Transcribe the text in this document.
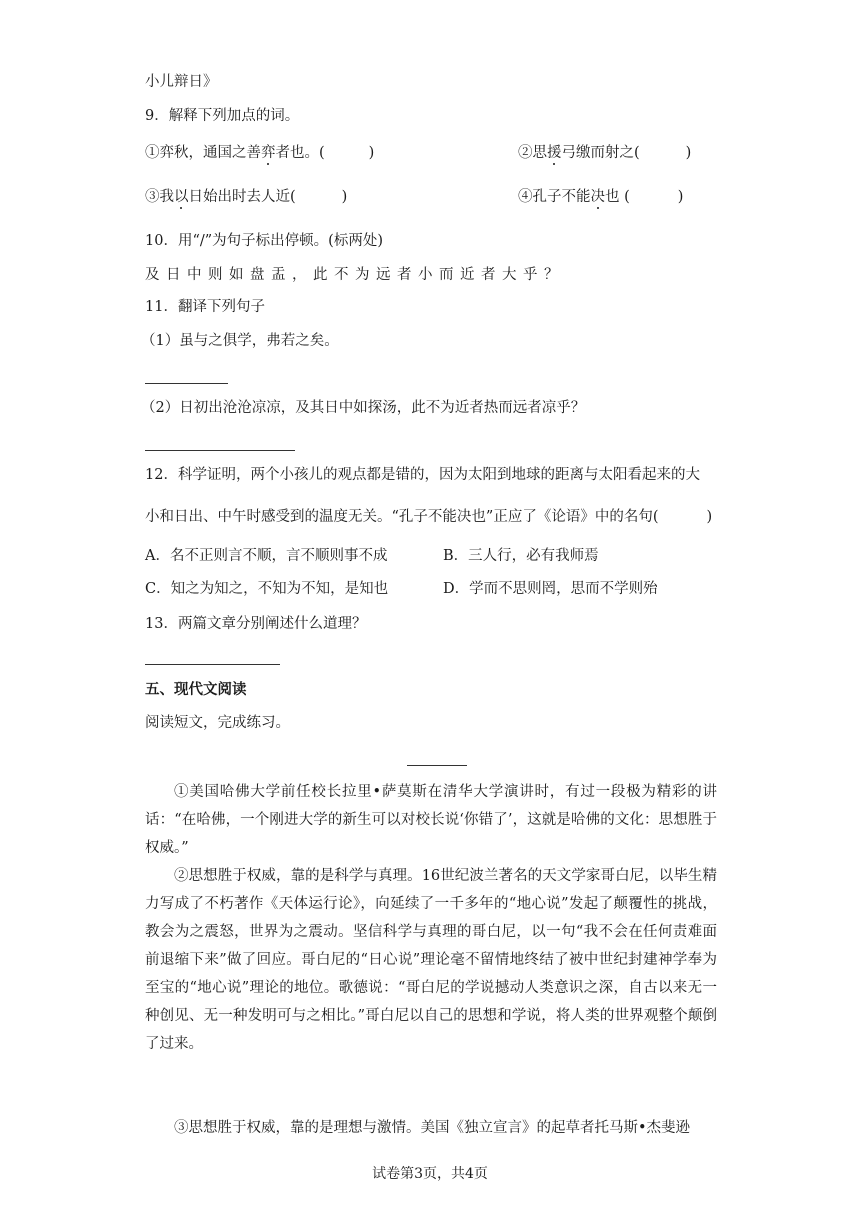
小儿辩日》

9．解释下列加点的词。

①弈秋，通国之善弈者也。(	)	②思援弓缴而射之(	)

③我以日始出时去人近(	)	④孔子不能决也 (	)

10．用“/”为句子标出停顿。(标两处)

及日中则如盘盂，此不为远者小而近者大乎？

11．翻译下列句子

（1）虽与之俱学，弗若之矣。

（2）日初出沧沧凉凉，及其日中如探汤，此不为近者热而远者凉乎？

12．科学证明，两个小孩儿的观点都是错的，因为太阳到地球的距离与太阳看起来的大

小和日出、中午时感受到的温度无关。“孔子不能决也”正应了《论语》中的名句(	)

A．名不正则言不顺，言不顺则事不成	B．三人行，必有我师焉
C．知之为知之，不知为不知，是知也	D．学而不思则罔，思而不学则殆

13．两篇文章分别阐述什么道理？

五、现代文阅读

阅读短文，完成练习。

①美国哈佛大学前任校长拉里•萨莫斯在清华大学演讲时，有过一段极为精彩的讲话：“在哈佛，一个刚进大学的新生可以对校长说‘你错了’，这就是哈佛的文化：思想胜于权威。”

②思想胜于权威，靠的是科学与真理。16世纪波兰著名的天文学家哥白尼，以毕生精力写成了不朽著作《天体运行论》，向延续了一千多年的“地心说”发起了颠覆性的挑战，教会为之震怒，世界为之震动。坚信科学与真理的哥白尼，以一句“我不会在任何责难面前退缩下来”做了回应。哥白尼的“日心说”理论毫不留情地终结了被中世纪封建神学奉为至宝的“地心说”理论的地位。歌德说：“哥白尼的学说撼动人类意识之深，自古以来无一种创见、无一种发明可与之相比。”哥白尼以自己的思想和学说，将人类的世界观整个颠倒了过来。

③思想胜于权威，靠的是理想与激情。美国《独立宣言》的起草者托马斯•杰斐逊

试卷第3页，共4页
